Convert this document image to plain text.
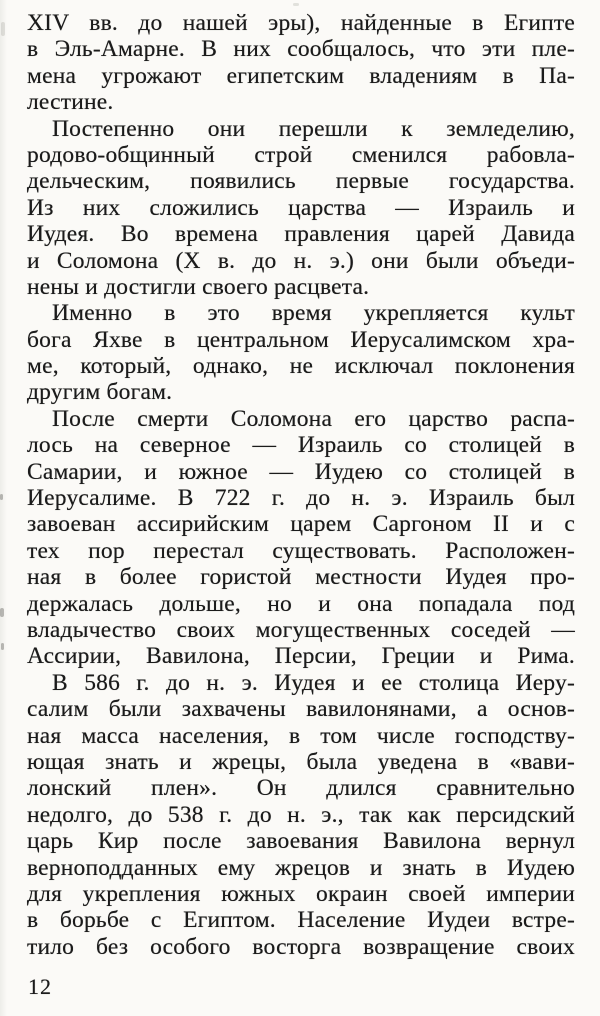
XIV вв. до нашей эры), найденные в Египте
в Эль-Амарне. В них сообщалось, что эти пле-
мена угрожают египетским владениям в Па-
лестине.
Постепенно они перешли к земледелию,
родово-общинный строй сменился рабовла-
дельческим, появились первые государства.
Из них сложились царства — Израиль и
Иудея. Во времена правления царей Давида
и Соломона (X в. до н. э.) они были объеди-
нены и достигли своего расцвета.
Именно в это время укрепляется культ
бога Яхве в центральном Иерусалимском хра-
ме, который, однако, не исключал поклонения
другим богам.
После смерти Соломона его царство распа-
лось на северное — Израиль со столицей в
Самарии, и южное — Иудею со столицей в
Иерусалиме. В 722 г. до н. э. Израиль был
завоеван ассирийским царем Саргоном II и с
тех пор перестал существовать. Расположен-
ная в более гористой местности Иудея про-
держалась дольше, но и она попадала под
владычество своих могущественных соседей —
Ассирии, Вавилона, Персии, Греции и Рима.
В 586 г. до н. э. Иудея и ее столица Иеру-
салим были захвачены вавилонянами, а основ-
ная масса населения, в том числе господству-
ющая знать и жрецы, была уведена в «вави-
лонский плен». Он длился сравнительно
недолго, до 538 г. до н. э., так как персидский
царь Кир после завоевания Вавилона вернул
верноподданных ему жрецов и знать в Иудею
для укрепления южных окраин своей империи
в борьбе с Египтом. Население Иудеи встре-
тило без особого восторга возвращение своих
12
